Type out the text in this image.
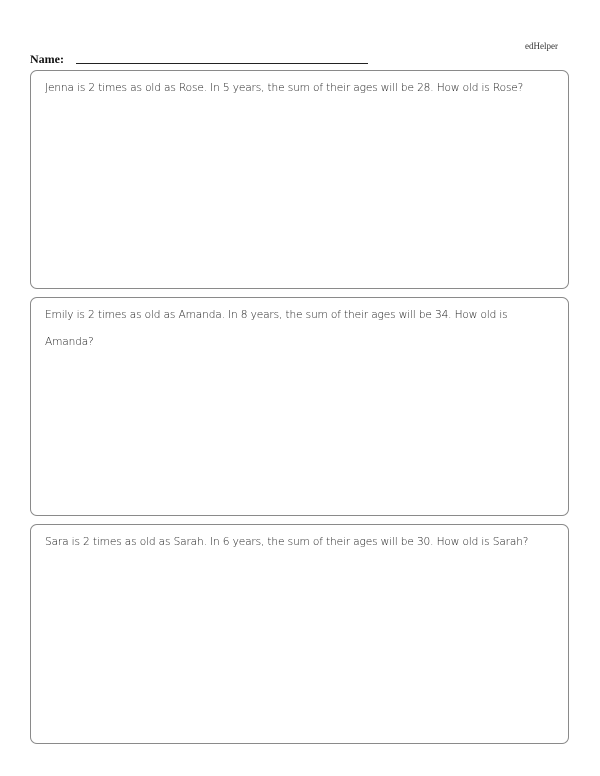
edHelper
Name:
Jenna is 2 times as old as Rose. In 5 years, the sum of their ages will be 28. How old is Rose?
Emily is 2 times as old as Amanda. In 8 years, the sum of their ages will be 34. How old is Amanda?
Sara is 2 times as old as Sarah. In 6 years, the sum of their ages will be 30. How old is Sarah?
